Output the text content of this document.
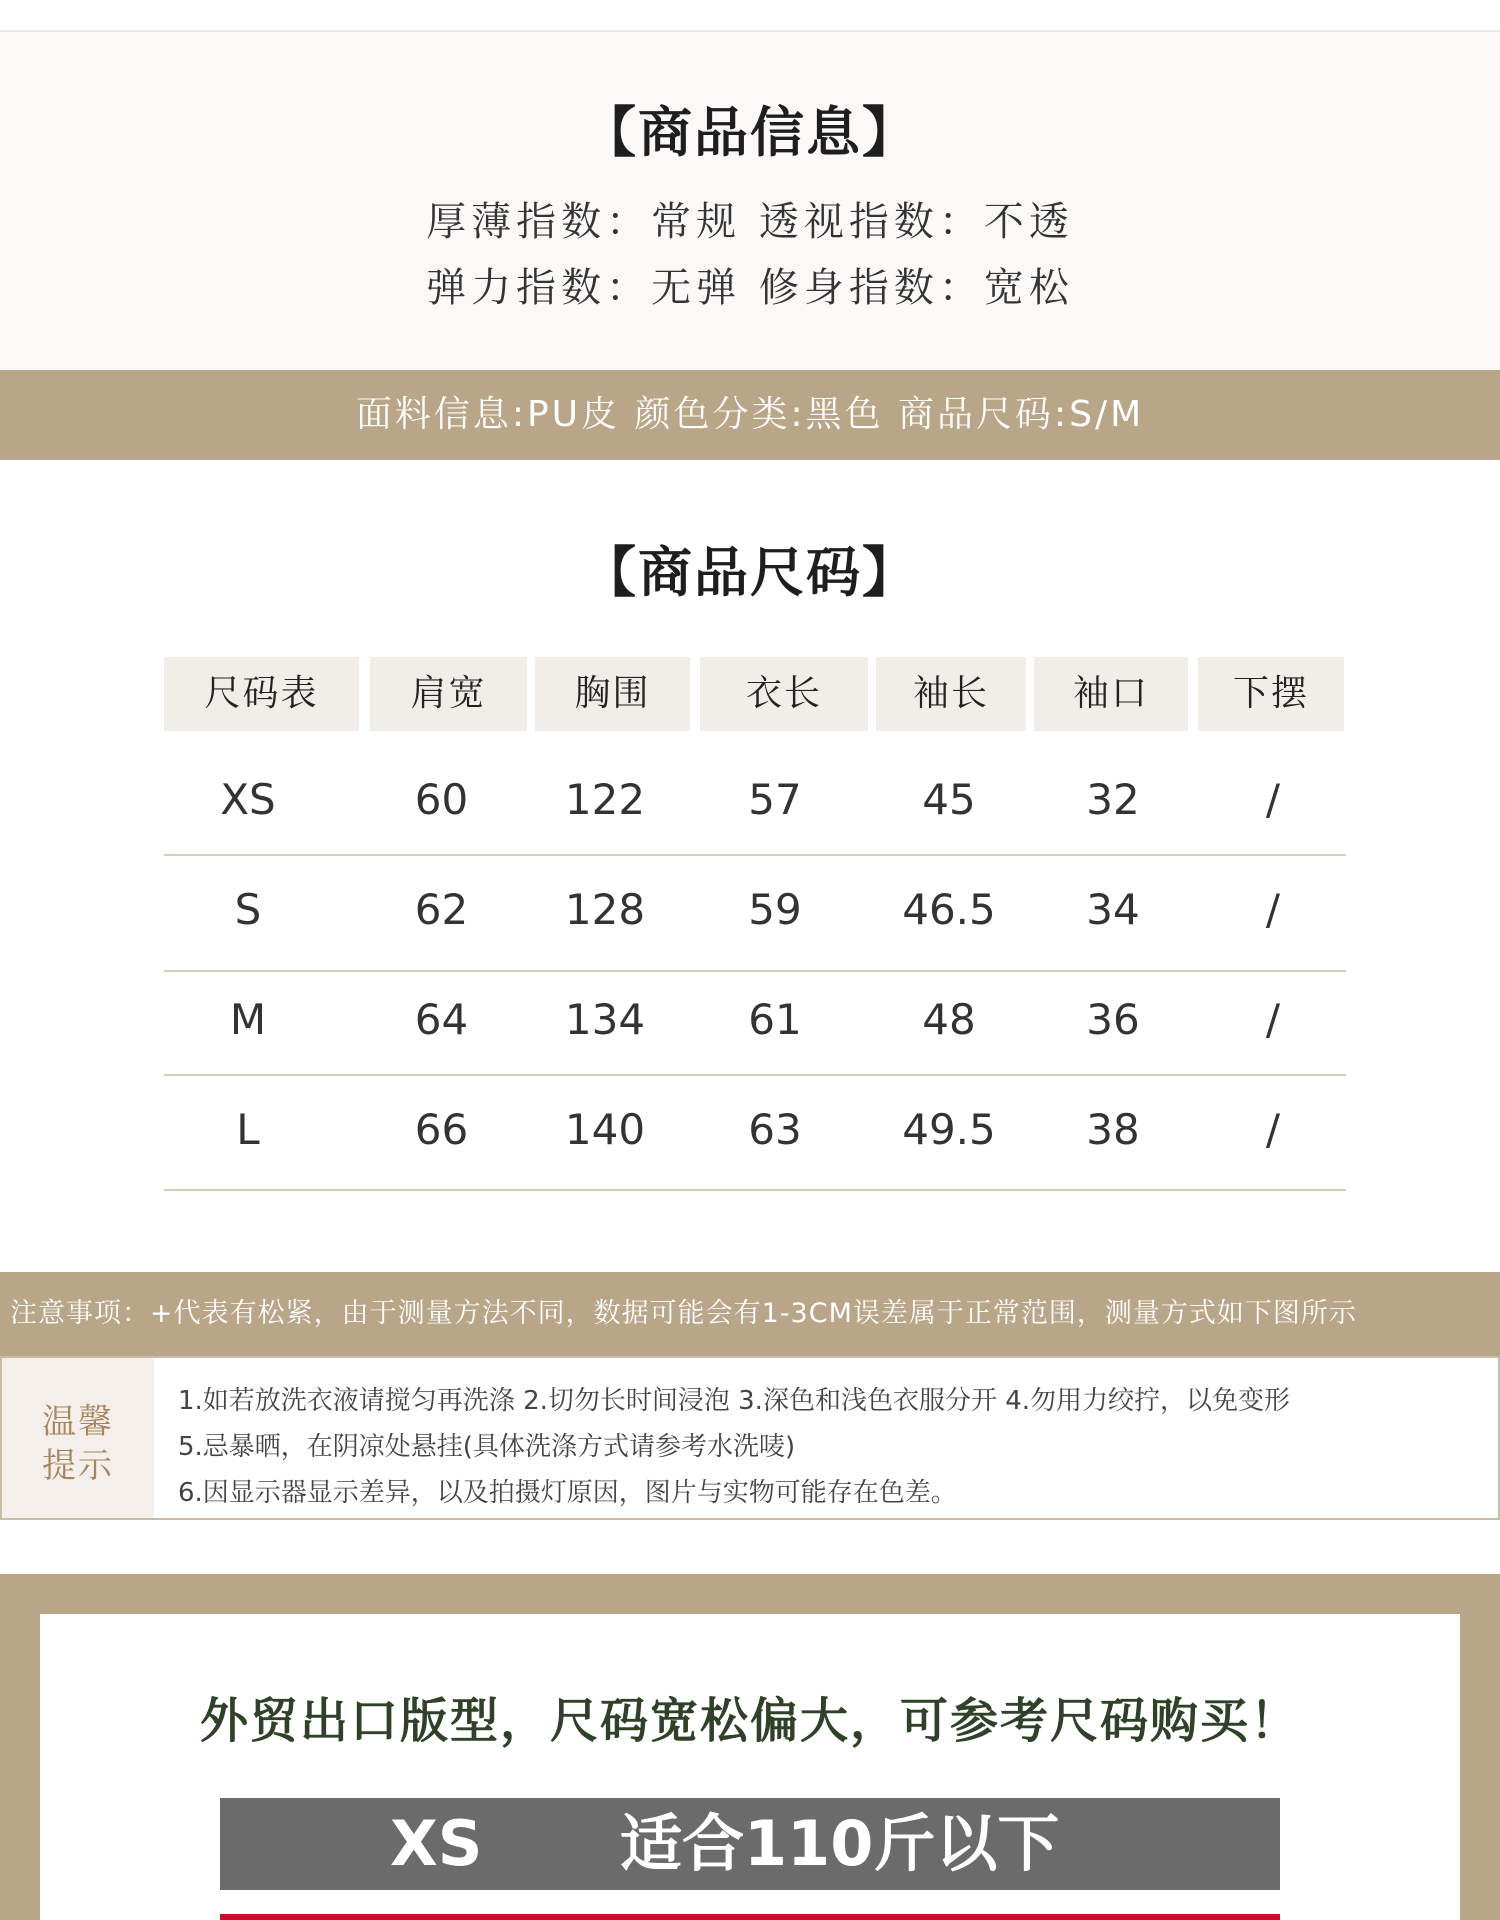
【商品信息】
厚薄指数：常规 透视指数：不透
弹力指数：无弹 修身指数：宽松
面料信息:PU皮 颜色分类:黑色 商品尺码:S/M
【商品尺码】
尺码表	肩宽	胸围	衣长	袖长	袖口	下摆
XS	60	122	57	45	32	/
S	62	128	59	46.5	34	/
M	64	134	61	48	36	/
L	66	140	63	49.5	38	/
注意事项：+代表有松紧，由于测量方法不同，数据可能会有1-3CM误差属于正常范围，测量方式如下图所示
温馨
提示
1.如若放洗衣液请搅匀再洗涤 2.切勿长时间浸泡 3.深色和浅色衣服分开 4.勿用力绞拧，以免变形
5.忌暴晒，在阴凉处悬挂(具体洗涤方式请参考水洗唛)
6.因显示器显示差异，以及拍摄灯原因，图片与实物可能存在色差。
外贸出口版型，尺码宽松偏大，可参考尺码购买！
XS 适合110斤以下
